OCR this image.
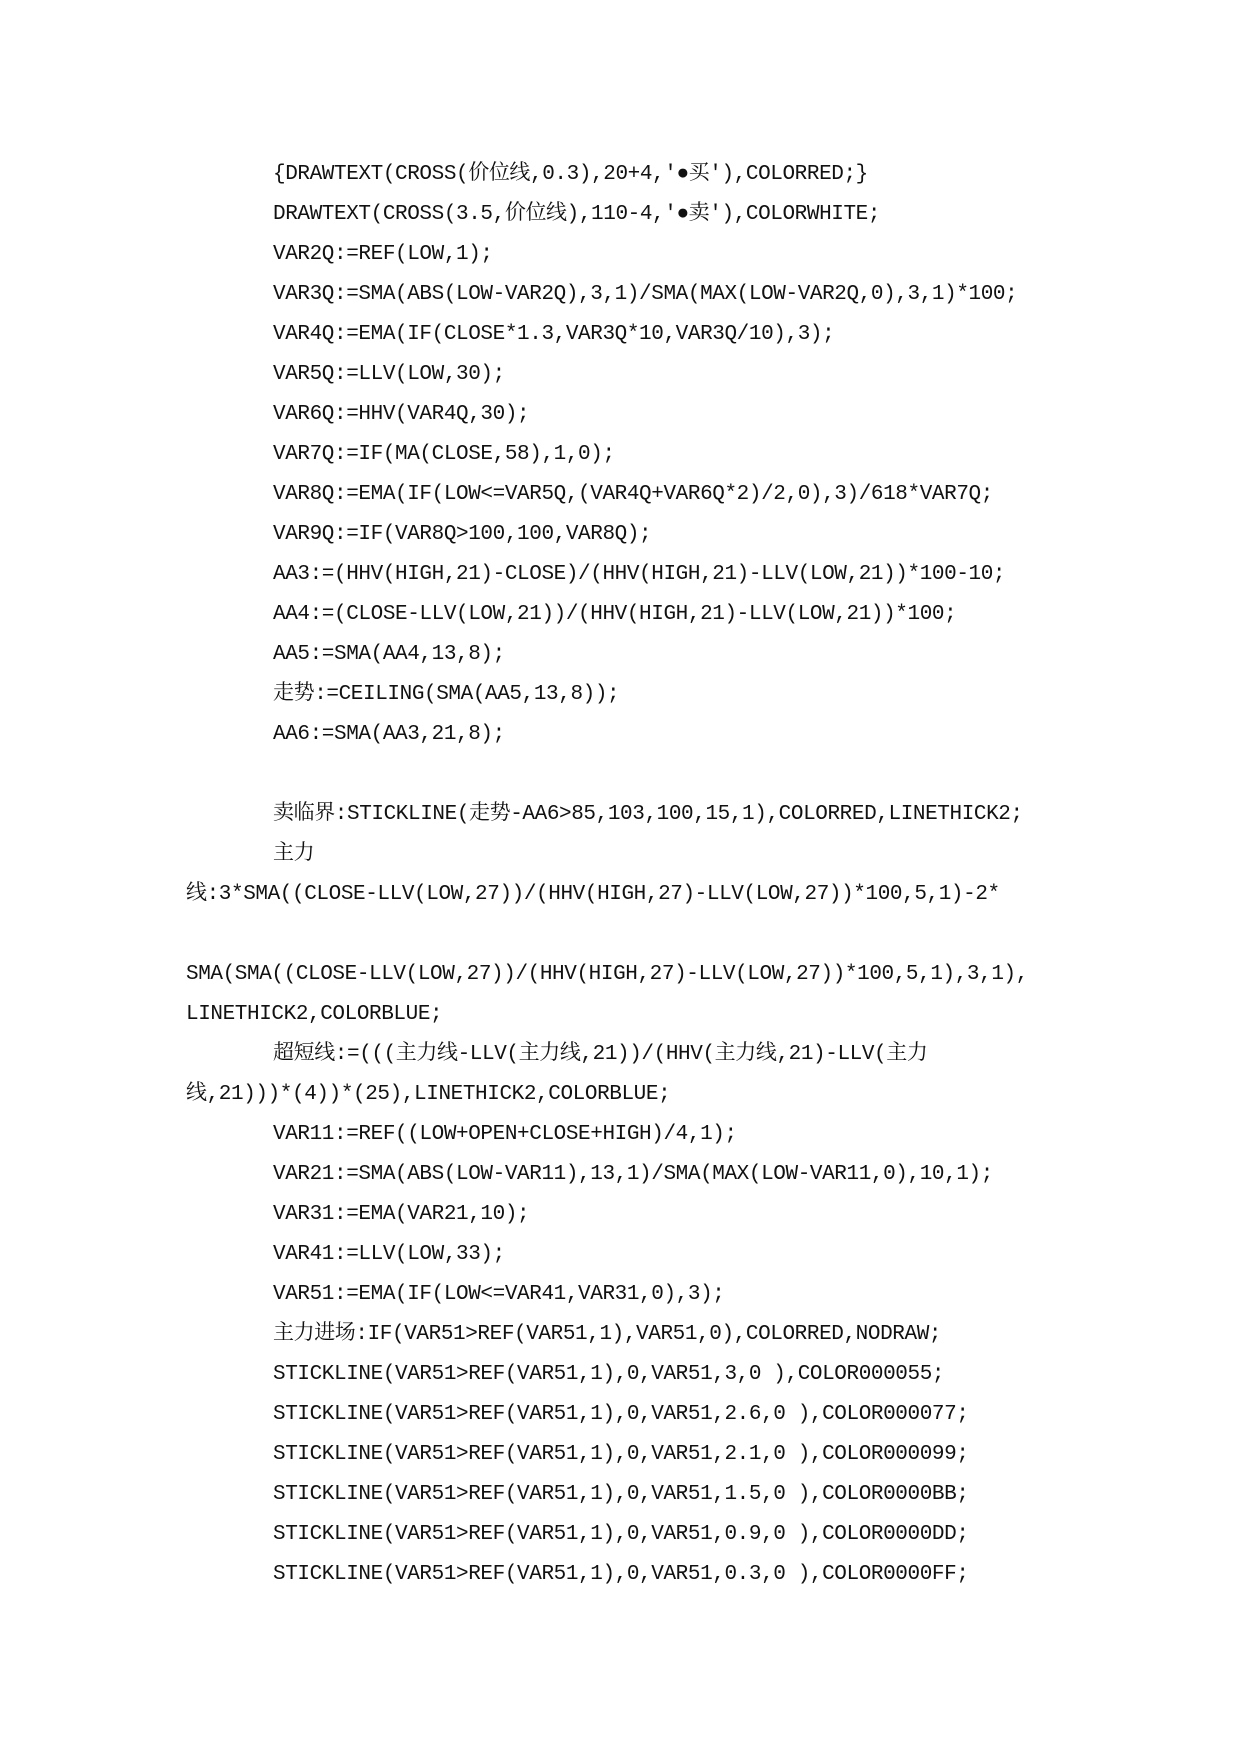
{DRAWTEXT(CROSS(价位线,0.3),20+4,'●买'),COLORRED;}
DRAWTEXT(CROSS(3.5,价位线),110-4,'●卖'),COLORWHITE;
VAR2Q:=REF(LOW,1);
VAR3Q:=SMA(ABS(LOW-VAR2Q),3,1)/SMA(MAX(LOW-VAR2Q,0),3,1)*100;
VAR4Q:=EMA(IF(CLOSE*1.3,VAR3Q*10,VAR3Q/10),3);
VAR5Q:=LLV(LOW,30);
VAR6Q:=HHV(VAR4Q,30);
VAR7Q:=IF(MA(CLOSE,58),1,0);
VAR8Q:=EMA(IF(LOW<=VAR5Q,(VAR4Q+VAR6Q*2)/2,0),3)/618*VAR7Q;
VAR9Q:=IF(VAR8Q>100,100,VAR8Q);
AA3:=(HHV(HIGH,21)-CLOSE)/(HHV(HIGH,21)-LLV(LOW,21))*100-10;
AA4:=(CLOSE-LLV(LOW,21))/(HHV(HIGH,21)-LLV(LOW,21))*100;
AA5:=SMA(AA4,13,8);
走势:=CEILING(SMA(AA5,13,8));
AA6:=SMA(AA3,21,8);
卖临界:STICKLINE(走势-AA6>85,103,100,15,1),COLORRED,LINETHICK2;
主力
线:3*SMA((CLOSE-LLV(LOW,27))/(HHV(HIGH,27)-LLV(LOW,27))*100,5,1)-2*
SMA(SMA((CLOSE-LLV(LOW,27))/(HHV(HIGH,27)-LLV(LOW,27))*100,5,1),3,1),
LINETHICK2,COLORBLUE;
超短线:=(((主力线-LLV(主力线,21))/(HHV(主力线,21)-LLV(主力
线,21)))*(4))*(25),LINETHICK2,COLORBLUE;
VAR11:=REF((LOW+OPEN+CLOSE+HIGH)/4,1);
VAR21:=SMA(ABS(LOW-VAR11),13,1)/SMA(MAX(LOW-VAR11,0),10,1);
VAR31:=EMA(VAR21,10);
VAR41:=LLV(LOW,33);
VAR51:=EMA(IF(LOW<=VAR41,VAR31,0),3);
主力进场:IF(VAR51>REF(VAR51,1),VAR51,0),COLORRED,NODRAW;
STICKLINE(VAR51>REF(VAR51,1),0,VAR51,3,0 ),COLOR000055;
STICKLINE(VAR51>REF(VAR51,1),0,VAR51,2.6,0 ),COLOR000077;
STICKLINE(VAR51>REF(VAR51,1),0,VAR51,2.1,0 ),COLOR000099;
STICKLINE(VAR51>REF(VAR51,1),0,VAR51,1.5,0 ),COLOR0000BB;
STICKLINE(VAR51>REF(VAR51,1),0,VAR51,0.9,0 ),COLOR0000DD;
STICKLINE(VAR51>REF(VAR51,1),0,VAR51,0.3,0 ),COLOR0000FF;
